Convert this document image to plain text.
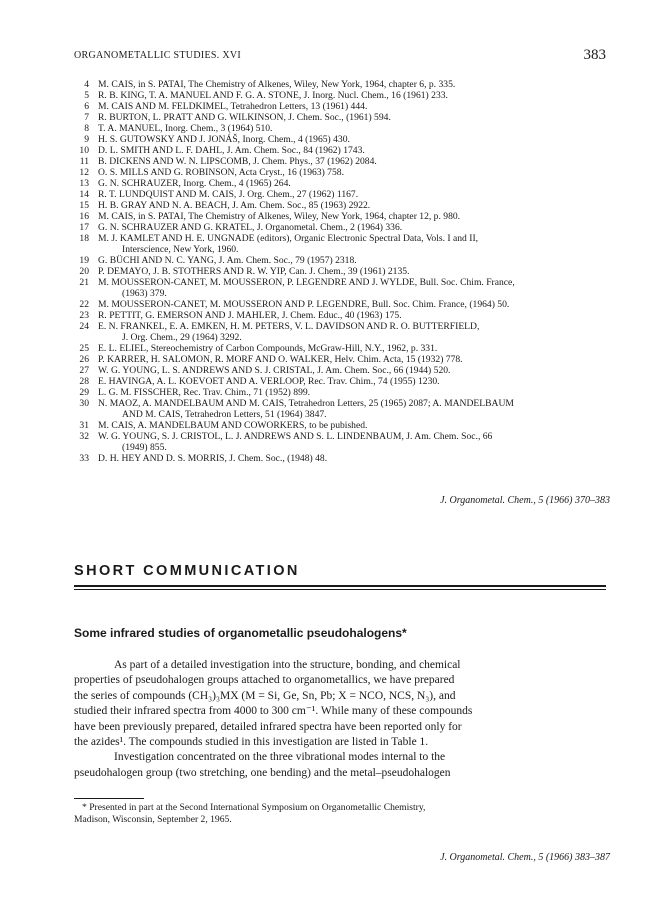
ORGANOMETALLIC STUDIES. XVI	383
4 M. CAIS, in S. PATAI, The Chemistry of Alkenes, Wiley, New York, 1964, chapter 6, p. 335.
5 R. B. KING, T. A. MANUEL AND F. G. A. STONE, J. Inorg. Nucl. Chem., 16 (1961) 233.
6 M. CAIS AND M. FELDKIMEL, Tetrahedron Letters, 13 (1961) 444.
7 R. BURTON, L. PRATT AND G. WILKINSON, J. Chem. Soc., (1961) 594.
8 T. A. MANUEL, Inorg. Chem., 3 (1964) 510.
9 H. S. GUTOWSKY AND J. JONÁŠ, Inorg. Chem., 4 (1965) 430.
10 D. L. SMITH AND L. F. DAHL, J. Am. Chem. Soc., 84 (1962) 1743.
11 B. DICKENS AND W. N. LIPSCOMB, J. Chem. Phys., 37 (1962) 2084.
12 O. S. MILLS AND G. ROBINSON, Acta Cryst., 16 (1963) 758.
13 G. N. SCHRAUZER, Inorg. Chem., 4 (1965) 264.
14 R. T. LUNDQUIST AND M. CAIS, J. Org. Chem., 27 (1962) 1167.
15 H. B. GRAY AND N. A. BEACH, J. Am. Chem. Soc., 85 (1963) 2922.
16 M. CAIS, in S. PATAI, The Chemistry of Alkenes, Wiley, New York, 1964, chapter 12, p. 980.
17 G. N. SCHRAUZER AND G. KRATEL, J. Organometal. Chem., 2 (1964) 336.
18 M. J. KAMLET AND H. E. UNGNADE (editors), Organic Electronic Spectral Data, Vols. I and II,
Interscience, New York, 1960.
19 G. BÜCHI AND N. C. YANG, J. Am. Chem. Soc., 79 (1957) 2318.
20 P. DEMAYO, J. B. STOTHERS AND R. W. YIP, Can. J. Chem., 39 (1961) 2135.
21 M. MOUSSERON-CANET, M. MOUSSERON, P. LEGENDRE AND J. WYLDE, Bull. Soc. Chim. France,
(1963) 379.
22 M. MOUSSERON-CANET, M. MOUSSERON AND P. LEGENDRE, Bull. Soc. Chim. France, (1964) 50.
23 R. PETTIT, G. EMERSON AND J. MAHLER, J. Chem. Educ., 40 (1963) 175.
24 E. N. FRANKEL, E. A. EMKEN, H. M. PETERS, V. L. DAVIDSON AND R. O. BUTTERFIELD,
J. Org. Chem., 29 (1964) 3292.
25 E. L. ELIEL, Stereochemistry of Carbon Compounds, McGraw-Hill, N.Y., 1962, p. 331.
26 P. KARRER, H. SALOMON, R. MORF AND O. WALKER, Helv. Chim. Acta, 15 (1932) 778.
27 W. G. YOUNG, L. S. ANDREWS AND S. J. CRISTAL, J. Am. Chem. Soc., 66 (1944) 520.
28 E. HAVINGA, A. L. KOEVOET AND A. VERLOOP, Rec. Trav. Chim., 74 (1955) 1230.
29 L. G. M. FISSCHER, Rec. Trav. Chim., 71 (1952) 899.
30 N. MAOZ, A. MANDELBAUM AND M. CAIS, Tetrahedron Letters, 25 (1965) 2087; A. MANDELBAUM
AND M. CAIS, Tetrahedron Letters, 51 (1964) 3847.
31 M. CAIS, A. MANDELBAUM AND COWORKERS, to be pubished.
32 W. G. YOUNG, S. J. CRISTOL, L. J. ANDREWS AND S. L. LINDENBAUM, J. Am. Chem. Soc., 66
(1949) 855.
33 D. H. HEY AND D. S. MORRIS, J. Chem. Soc., (1948) 48.
J. Organometal. Chem., 5 (1966) 370–383
SHORT COMMUNICATION
Some infrared studies of organometallic pseudohalogens*
As part of a detailed investigation into the structure, bonding, and chemical
properties of pseudohalogen groups attached to organometallics, we have prepared
the series of compounds (CH₃)₃MX (M = Si, Ge, Sn, Pb; X = NCO, NCS, N₃), and
studied their infrared spectra from 4000 to 300 cm⁻¹. While many of these compounds
have been previously prepared, detailed infrared spectra have been reported only for
the azides¹. The compounds studied in this investigation are listed in Table 1.
Investigation concentrated on the three vibrational modes internal to the
pseudohalogen group (two stretching, one bending) and the metal–pseudohalogen
* Presented in part at the Second International Symposium on Organometallic Chemistry,
Madison, Wisconsin, September 2, 1965.
J. Organometal. Chem., 5 (1966) 383–387
